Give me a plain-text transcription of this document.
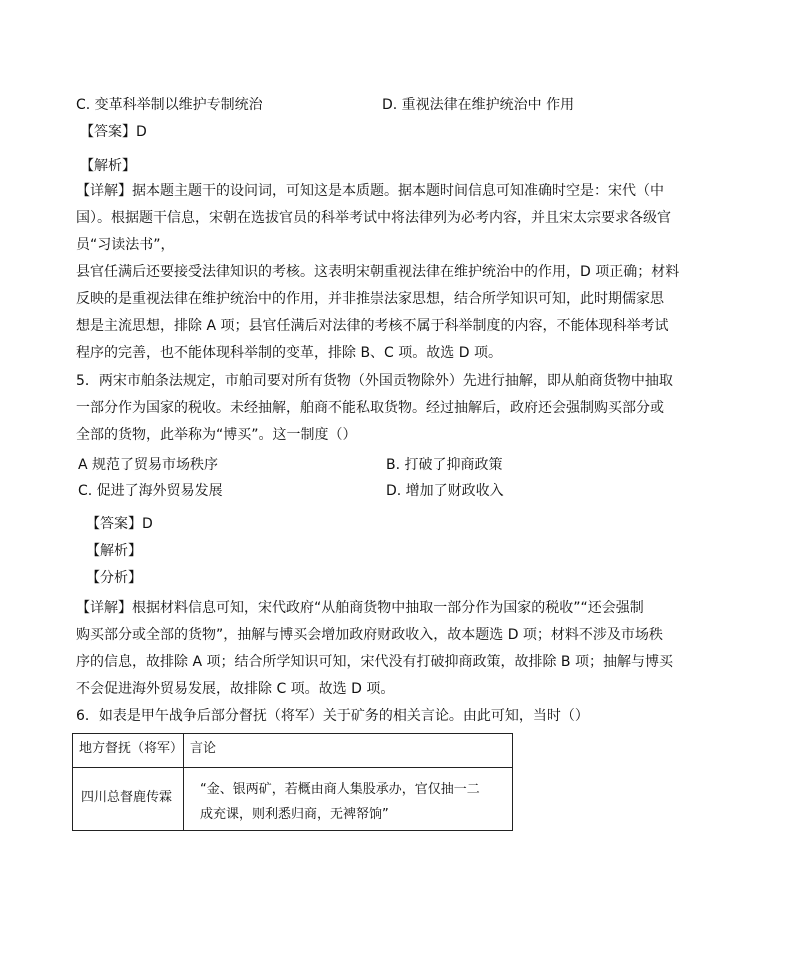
C. 变革科举制以维护专制统治	D. 重视法律在维护统治中 作用
【答案】D
【解析】
【详解】据本题主题干的设问词，可知这是本质题。据本题时间信息可知准确时空是：宋代（中
国）。根据题干信息，宋朝在选拔官员的科举考试中将法律列为必考内容，并且宋太宗要求各级官
员“习读法书”，
县官任满后还要接受法律知识的考核。这表明宋朝重视法律在维护统治中的作用，D 项正确；材料
反映的是重视法律在维护统治中的作用，并非推崇法家思想，结合所学知识可知，此时期儒家思
想是主流思想，排除 A 项；县官任满后对法律的考核不属于科举制度的内容，不能体现科举考试
程序的完善，也不能体现科举制的变革，排除 B、C 项。故选 D 项。
5．两宋市舶条法规定，市舶司要对所有货物（外国贡物除外）先进行抽解，即从舶商货物中抽取
一部分作为国家的税收。未经抽解，舶商不能私取货物。经过抽解后，政府还会强制购买部分或
全部的货物，此举称为“博买”。这一制度（）
A 规范了贸易市场秩序	B. 打破了抑商政策
C. 促进了海外贸易发展	D. 增加了财政收入
【答案】D
【解析】
【分析】
【详解】根据材料信息可知，宋代政府“从舶商货物中抽取一部分作为国家的税收”“还会强制
购买部分或全部的货物”，抽解与博买会增加政府财政收入，故本题选 D 项；材料不涉及市场秩
序的信息，故排除 A 项；结合所学知识可知，宋代没有打破抑商政策，故排除 B 项；抽解与博买
不会促进海外贸易发展，故排除 C 项。故选 D 项。
6．如表是甲午战争后部分督抚（将军）关于矿务的相关言论。由此可知，当时（）
地方督抚（将军）	言论

四川总督鹿传霖	“金、银两矿，若概由商人集股承办，官仅抽一二
成充课，则利悉归商，无裨帑饷”
